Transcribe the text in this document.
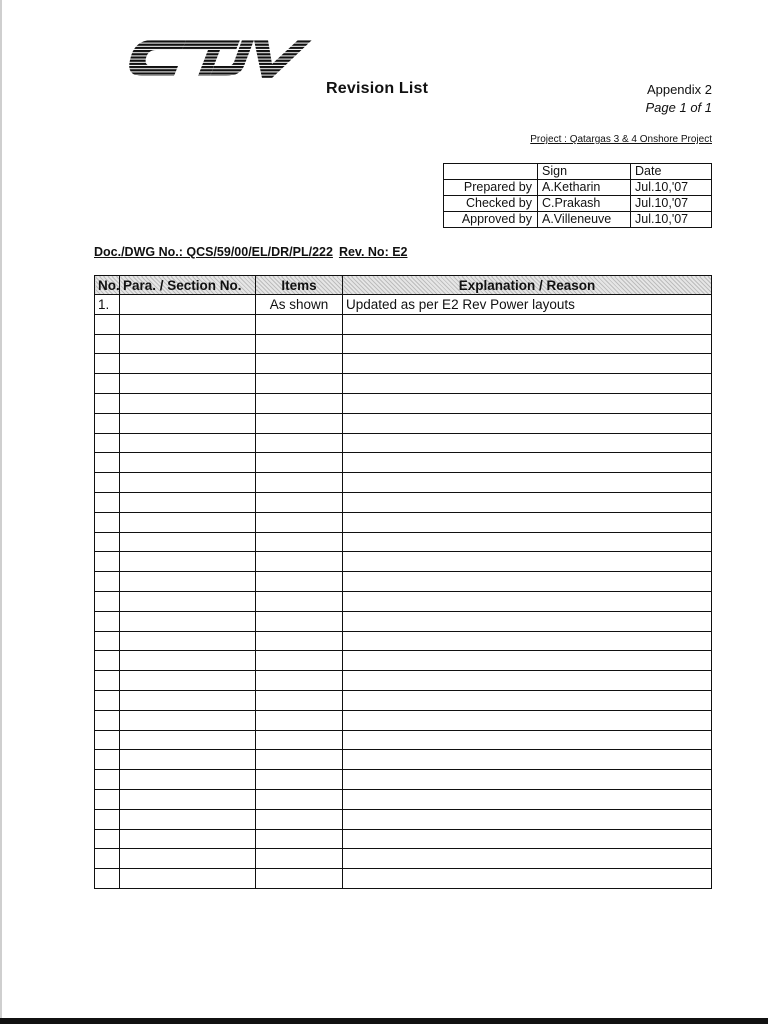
Revision List	Appendix 2
Page 1 of 1
Project : Qatargas 3 & 4 Onshore Project
	Sign	Date
Prepared by	A.Ketharin	Jul.10,'07
Checked by	C.Prakash	Jul.10,'07
Approved by	A.Villeneuve	Jul.10,'07
Doc./DWG No.: QCS/59/00/EL/DR/PL/222 Rev. No: E2
No.	Para. / Section No.	Items	Explanation / Reason
1.		As shown	Updated as per E2 Rev Power layouts
